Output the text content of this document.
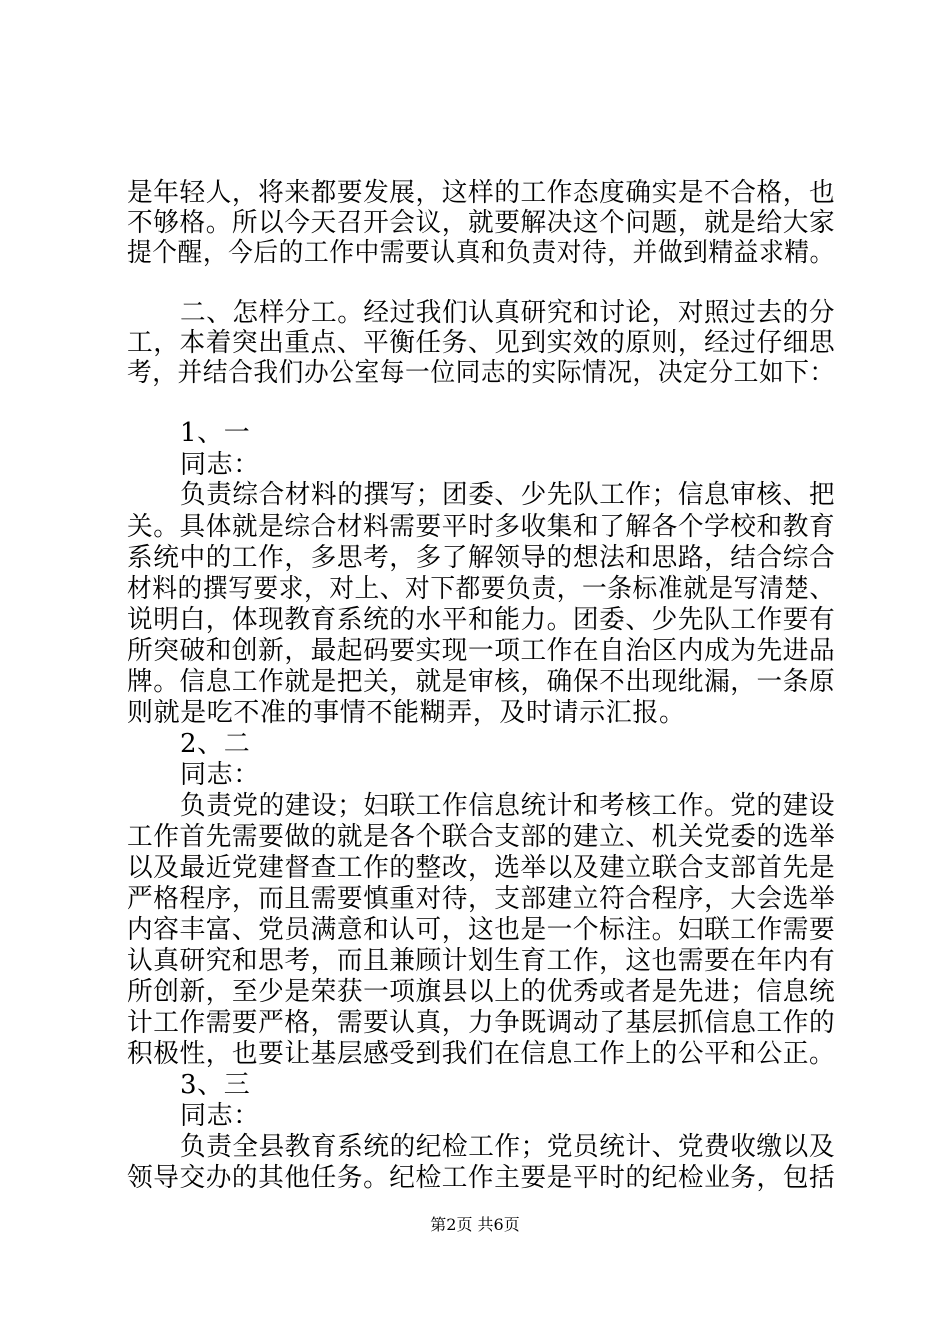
是年轻人，将来都要发展，这样的工作态度确实是不合格，也
不够格。所以今天召开会议，就要解决这个问题，就是给大家
提个醒，今后的工作中需要认真和负责对待，并做到精益求精。
二、怎样分工。经过我们认真研究和讨论，对照过去的分
工，本着突出重点、平衡任务、见到实效的原则，经过仔细思
考，并结合我们办公室每一位同志的实际情况，决定分工如下：
1、一
同志：
负责综合材料的撰写；团委、少先队工作；信息审核、把
关。具体就是综合材料需要平时多收集和了解各个学校和教育
系统中的工作，多思考，多了解领导的想法和思路，结合综合
材料的撰写要求，对上、对下都要负责，一条标准就是写清楚、
说明白，体现教育系统的水平和能力。团委、少先队工作要有
所突破和创新，最起码要实现一项工作在自治区内成为先进品
牌。信息工作就是把关，就是审核，确保不出现纰漏，一条原
则就是吃不准的事情不能糊弄，及时请示汇报。
2、二
同志：
负责党的建设；妇联工作信息统计和考核工作。党的建设
工作首先需要做的就是各个联合支部的建立、机关党委的选举
以及最近党建督查工作的整改，选举以及建立联合支部首先是
严格程序，而且需要慎重对待，支部建立符合程序，大会选举
内容丰富、党员满意和认可，这也是一个标注。妇联工作需要
认真研究和思考，而且兼顾计划生育工作，这也需要在年内有
所创新，至少是荣获一项旗县以上的优秀或者是先进；信息统
计工作需要严格，需要认真，力争既调动了基层抓信息工作的
积极性，也要让基层感受到我们在信息工作上的公平和公正。
3、三
同志：
负责全县教育系统的纪检工作；党员统计、党费收缴以及
领导交办的其他任务。纪检工作主要是平时的纪检业务，包括
第2页 共6页
